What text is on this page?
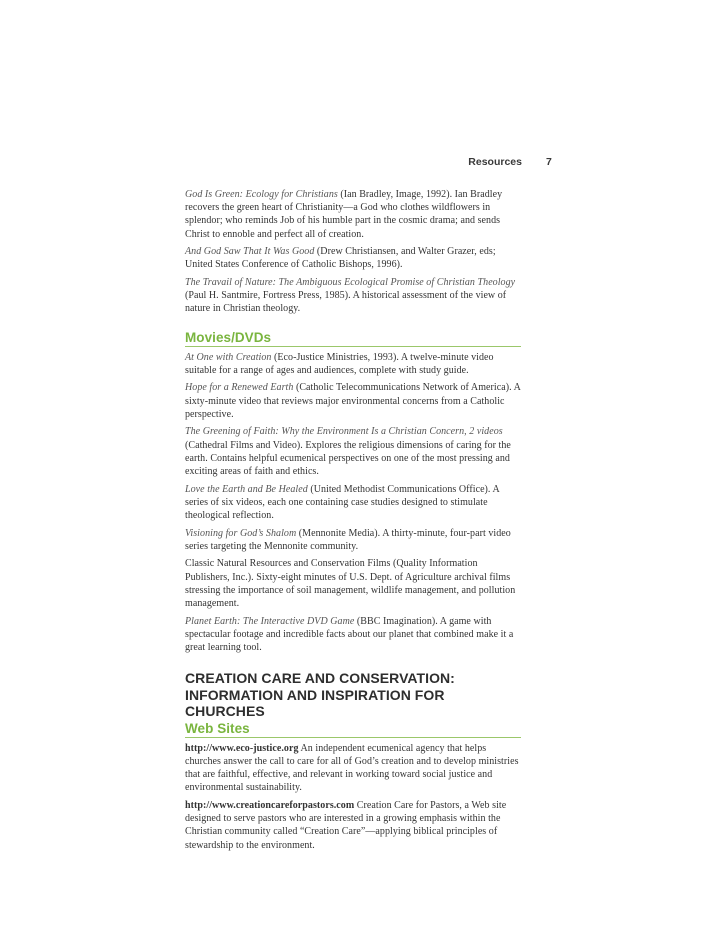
Resources 7

God Is Green: Ecology for Christians (Ian Bradley, Image, 1992). Ian Bradley recovers the green heart of Christianity—a God who clothes wildflowers in splendor; who reminds Job of his humble part in the cosmic drama; and sends Christ to ennoble and perfect all of creation.

And God Saw That It Was Good (Drew Christiansen, and Walter Grazer, eds; United States Conference of Catholic Bishops, 1996).

The Travail of Nature: The Ambiguous Ecological Promise of Christian Theology (Paul H. Santmire, Fortress Press, 1985). A historical assessment of the view of nature in Christian theology.

Movies/DVDs

At One with Creation (Eco-Justice Ministries, 1993). A twelve-minute video suitable for a range of ages and audiences, complete with study guide.

Hope for a Renewed Earth (Catholic Telecommunications Network of America). A sixty-minute video that reviews major environmental concerns from a Catholic perspective.

The Greening of Faith: Why the Environment Is a Christian Concern, 2 videos (Cathedral Films and Video). Explores the religious dimensions of caring for the earth. Contains helpful ecumenical perspectives on one of the most pressing and exciting areas of faith and ethics.

Love the Earth and Be Healed (United Methodist Communications Office). A series of six videos, each one containing case studies designed to stimulate theological reflection.

Visioning for God’s Shalom (Mennonite Media). A thirty-minute, four-part video series targeting the Mennonite community.

Classic Natural Resources and Conservation Films (Quality Information Publishers, Inc.). Sixty-eight minutes of U.S. Dept. of Agriculture archival films stressing the importance of soil management, wildlife management, and pollution management.

Planet Earth: The Interactive DVD Game (BBC Imagination). A game with spectacular footage and incredible facts about our planet that combined make it a great learning tool.

CREATION CARE AND CONSERVATION:
INFORMATION AND INSPIRATION FOR CHURCHES
Web Sites

http://www.eco-justice.org An independent ecumenical agency that helps churches answer the call to care for all of God’s creation and to develop ministries that are faithful, effective, and relevant in working toward social justice and environmental sustainability.

http://www.creationcareforpastors.com Creation Care for Pastors, a Web site designed to serve pastors who are interested in a growing emphasis within the Christian community called “Creation Care”—applying biblical principles of stewardship to the environment.
